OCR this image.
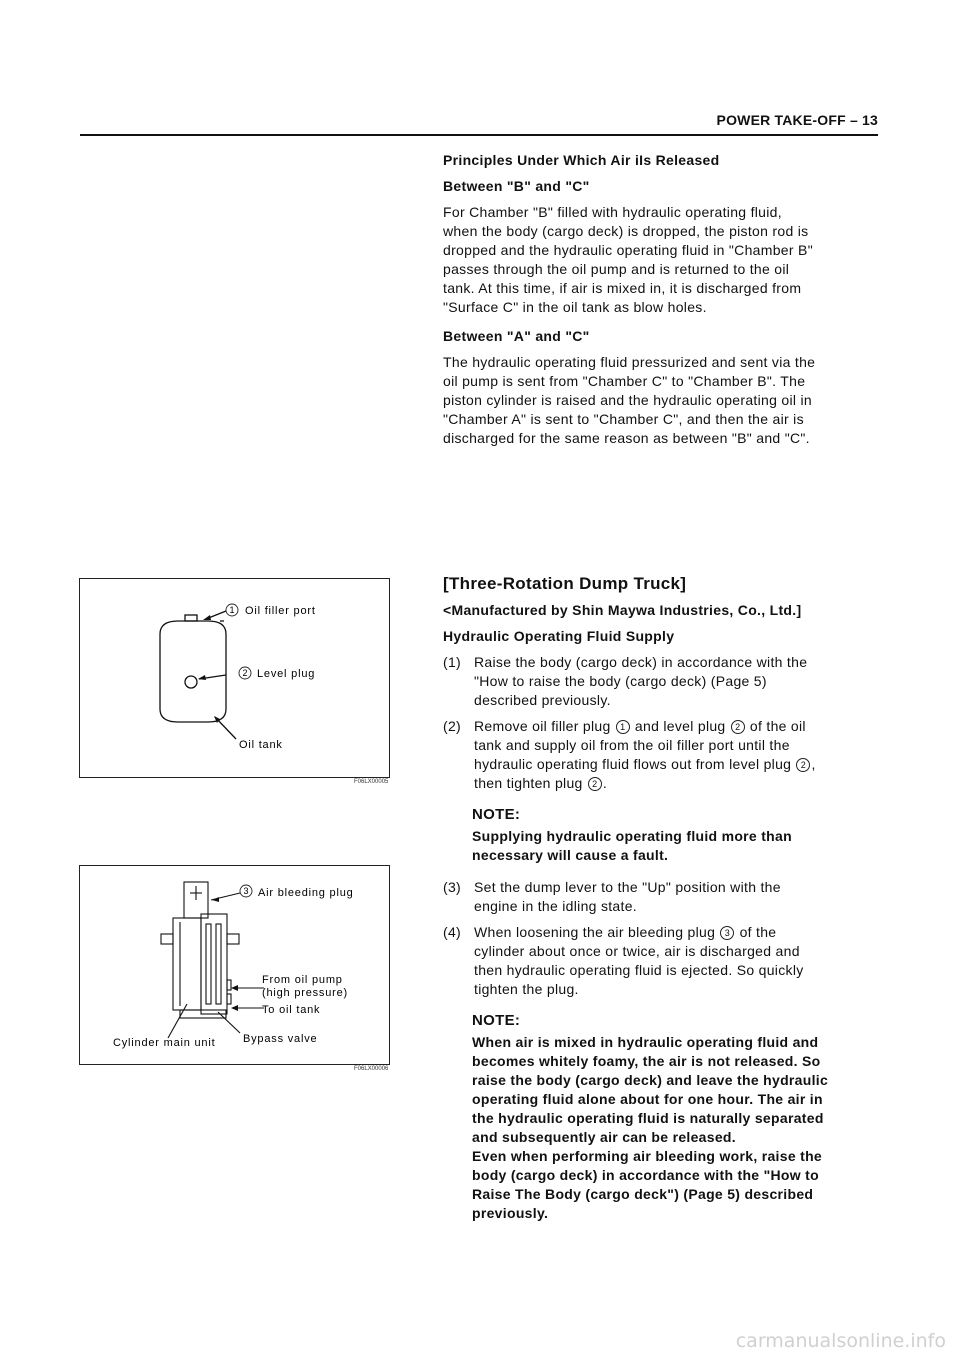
POWER TAKE-OFF – 13
Principles Under Which Air iIs Released
Between "B" and "C"
For Chamber "B" filled with hydraulic operating fluid,
when the body (cargo deck) is dropped, the piston rod is
dropped and the hydraulic operating fluid in "Chamber B"
passes through the oil pump and is returned to the oil
tank. At this time, if air is mixed in, it is discharged from
"Surface C" in the oil tank as blow holes.
Between "A" and "C"
The hydraulic operating fluid pressurized and sent via the
oil pump is sent from "Chamber C" to "Chamber B". The
piston cylinder is raised and the hydraulic operating oil in
"Chamber A" is sent to "Chamber C", and then the air is
discharged for the same reason as between "B" and "C".
[Three-Rotation Dump Truck]
<Manufactured by Shin Maywa Industries, Co., Ltd.]
Hydraulic Operating Fluid Supply
(1) Raise the body (cargo deck) in accordance with the
"How to raise the body (cargo deck) (Page 5)
described previously.
(2) Remove oil filler plug 1 and level plug 2 of the oil
tank and supply oil from the oil filler port until the
hydraulic operating fluid flows out from level plug 2 ,
then tighten plug 2 .
NOTE:
Supplying hydraulic operating fluid more than
necessary will cause a fault.
(3) Set the dump lever to the "Up" position with the
engine in the idling state.
(4) When loosening the air bleeding plug 3 of the
cylinder about once or twice, air is discharged and
then hydraulic operating fluid is ejected. So quickly
tighten the plug.
NOTE:
When air is mixed in hydraulic operating fluid and
becomes whitely foamy, the air is not released. So
raise the body (cargo deck) and leave the hydraulic
operating fluid alone about for one hour. The air in
the hydraulic operating fluid is naturally separated
and subsequently air can be released.
Even when performing air bleeding work, raise the
body (cargo deck) in accordance with the "How to
Raise The Body (cargo deck") (Page 5) described
previously.
1 Oil filler port
2 Level plug
Oil tank
F06LX00005
3 Air bleeding plug
From oil pump
(high pressure)
To oil tank
Bypass valve
Cylinder main unit
F06LX00006
carmanualsonline.info
